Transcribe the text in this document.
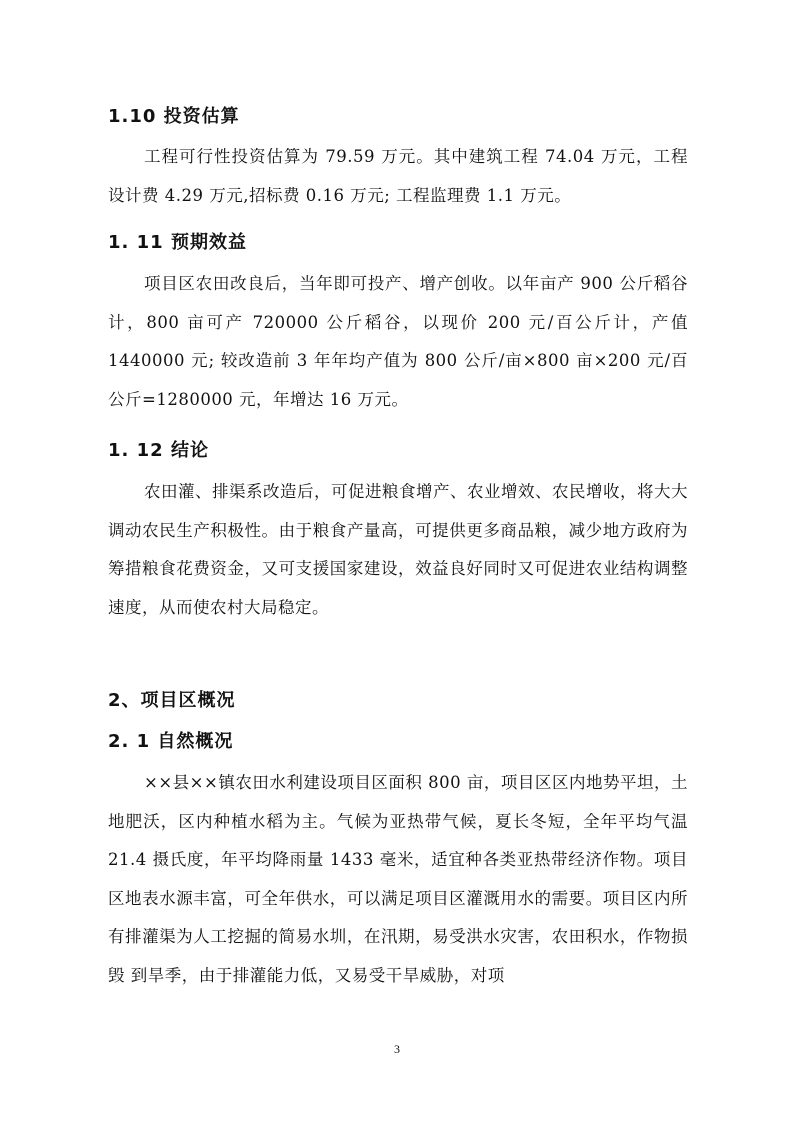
1.10 投资估算

工程可行性投资估算为 79.59 万元。其中建筑工程 74.04 万元，工程设计费 4.29 万元,招标费 0.16 万元; 工程监理费 1.1 万元。

1. 11 预期效益

项目区农田改良后，当年即可投产、增产创收。以年亩产 900 公斤稻谷计，800 亩可产 720000 公斤稻谷，以现价 200 元/百公斤计，产值 1440000 元; 较改造前 3 年年均产值为 800 公斤/亩×800 亩×200 元/百公斤=1280000 元，年增达 16 万元。

1. 12 结论

农田灌、排渠系改造后，可促进粮食增产、农业增效、农民增收，将大大调动农民生产积极性。由于粮食产量高，可提供更多商品粮，减少地方政府为筹措粮食花费资金，又可支援国家建设，效益良好同时又可促进农业结构调整速度，从而使农村大局稳定。

2、项目区概况
2. 1 自然概况

××县××镇农田水利建设项目区面积 800 亩，项目区区内地势平坦，土地肥沃，区内种植水稻为主。气候为亚热带气候，夏长冬短，全年平均气温 21.4 摄氏度，年平均降雨量 1433 毫米，适宜种各类亚热带经济作物。项目区地表水源丰富，可全年供水，可以满足项目区灌溉用水的需要。项目区内所有排灌渠为人工挖掘的简易水圳，在汛期，易受洪水灾害，农田积水，作物损毁 到旱季，由于排灌能力低，又易受干旱威胁，对项

3
